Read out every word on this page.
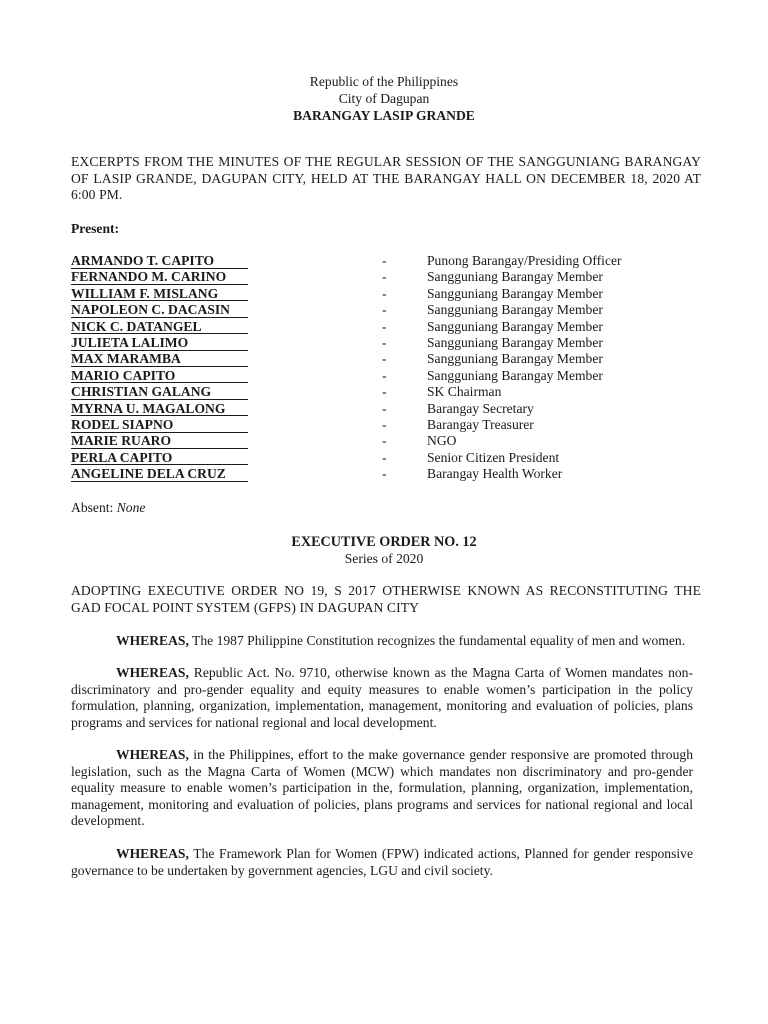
Republic of the Philippines
City of Dagupan
BARANGAY LASIP GRANDE
EXCERPTS FROM THE MINUTES OF THE REGULAR SESSION OF THE SANGGUNIANG BARANGAY OF LASIP GRANDE, DAGUPAN CITY, HELD AT THE BARANGAY HALL ON DECEMBER 18, 2020 AT 6:00 PM.
Present:
ARMANDO T. CAPITO	-	Punong Barangay/Presiding Officer
FERNANDO M. CARINO	-	Sangguniang Barangay Member
WILLIAM F. MISLANG	-	Sangguniang Barangay Member
NAPOLEON C. DACASIN	-	Sangguniang Barangay Member
NICK C. DATANGEL	-	Sangguniang Barangay Member
JULIETA LALIMO	-	Sangguniang Barangay Member
MAX MARAMBA	-	Sangguniang Barangay Member
MARIO CAPITO	-	Sangguniang Barangay Member
CHRISTIAN GALANG	-	SK Chairman
MYRNA U. MAGALONG	-	Barangay Secretary
RODEL SIAPNO	-	Barangay Treasurer
MARIE RUARO	-	NGO
PERLA CAPITO	-	Senior Citizen President
ANGELINE DELA CRUZ	-	Barangay Health Worker
Absent: None
EXECUTIVE ORDER NO. 12
Series of 2020
ADOPTING EXECUTIVE ORDER NO 19, S 2017 OTHERWISE KNOWN AS RECONSTITUTING THE GAD FOCAL POINT SYSTEM (GFPS) IN DAGUPAN CITY
WHEREAS, The 1987 Philippine Constitution recognizes the fundamental equality of men and women.
WHEREAS, Republic Act. No. 9710, otherwise known as the Magna Carta of Women mandates non-discriminatory and pro-gender equality and equity measures to enable women’s participation in the policy formulation, planning, organization, implementation, management, monitoring and evaluation of policies, plans programs and services for national regional and local development.
WHEREAS, in the Philippines, effort to the make governance gender responsive are promoted through legislation, such as the Magna Carta of Women (MCW) which mandates non discriminatory and pro-gender equality measure to enable women’s participation in the, formulation, planning, organization, implementation, management, monitoring and evaluation of policies, plans programs and services for national regional and local development.
WHEREAS, The Framework Plan for Women (FPW) indicated actions, Planned for gender responsive governance to be undertaken by government agencies, LGU and civil society.
